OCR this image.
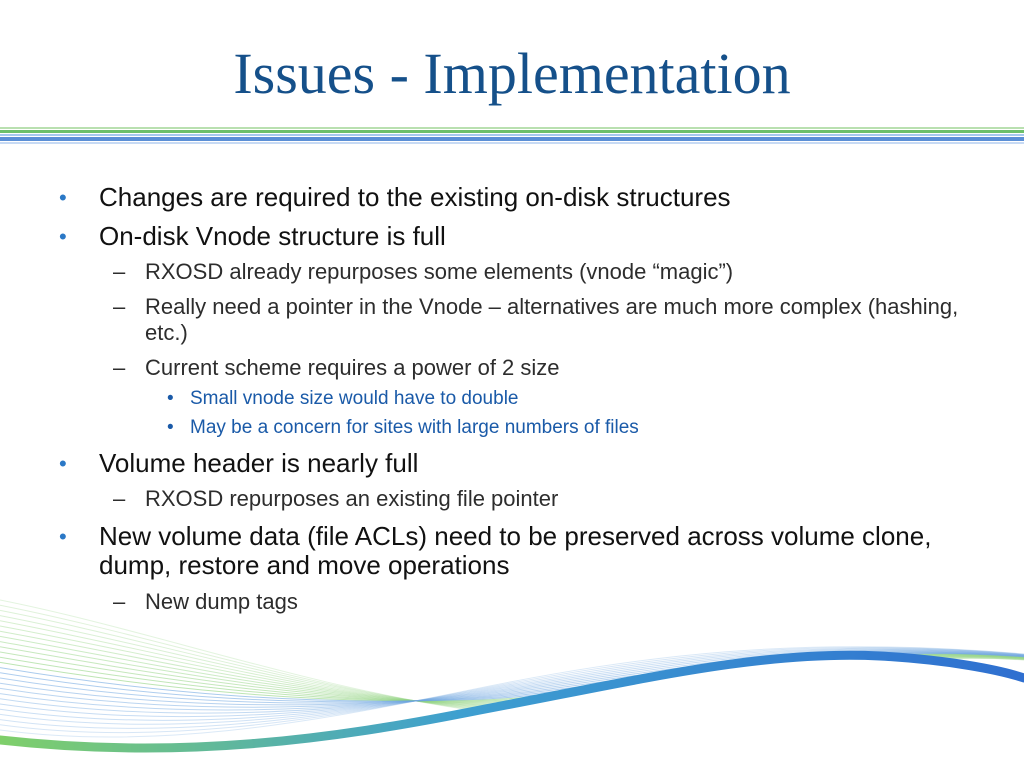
Issues - Implementation
• Changes are required to the existing on-disk structures
• On-disk Vnode structure is full
– RXOSD already repurposes some elements (vnode “magic”)
– Really need a pointer in the Vnode – alternatives are much more complex (hashing, etc.)
– Current scheme requires a power of 2 size
• Small vnode size would have to double
• May be a concern for sites with large numbers of files
• Volume header is nearly full
– RXOSD repurposes an existing file pointer
• New volume data (file ACLs) need to be preserved across volume clone, dump, restore and move operations
– New dump tags
